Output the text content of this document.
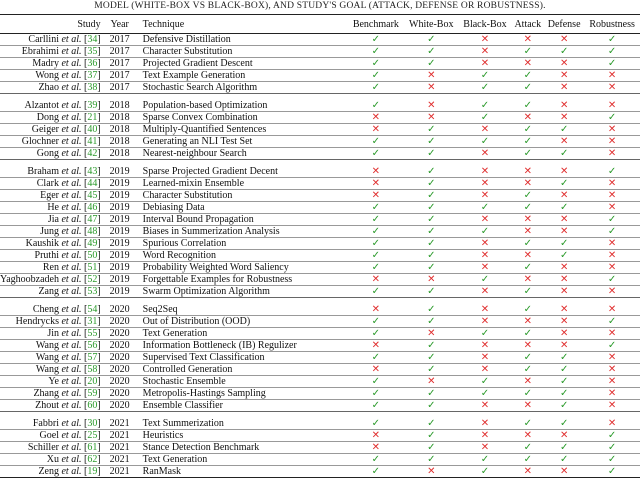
MODEL (WHITE-BOX VS BLACK-BOX), AND STUDY'S GOAL (ATTACK, DEFENSE OR ROBUSTNESS).
Study	Year	Technique	Benchmark	White-Box	Black-Box	Attack	Defense	Robustness
Carllini et al. [34]	2017	Defensive Distillation	✓	✓	✕	✕	✕	✓
Ebrahimi et al. [35]	2017	Character Substitution	✓	✓	✕	✓	✓	✓
Madry et al. [36]	2017	Projected Gradient Descent	✓	✓	✕	✕	✕	✓
Wong et al. [37]	2017	Text Example Generation	✓	✕	✓	✓	✕	✕
Zhao et al. [38]	2017	Stochastic Search Algorithm	✓	✕	✓	✓	✕	✕

Alzantot et al. [39]	2018	Population-based Optimization	✓	✕	✓	✓	✕	✕
Dong et al. [21]	2018	Sparse Convex Combination	✕	✕	✓	✕	✕	✓
Geiger et al. [40]	2018	Multiply-Quantified Sentences	✕	✓	✕	✓	✓	✕
Glochner et al. [41]	2018	Generating an NLI Test Set	✓	✓	✓	✓	✕	✕
Gong et al. [42]	2018	Nearest-neighbour Search	✓	✓	✕	✓	✓	✕

Braham et al. [43]	2019	Sparse Projected Gradient Decent	✕	✓	✕	✕	✕	✓
Clark et al. [44]	2019	Learned-mixin Ensemble	✕	✓	✕	✕	✓	✕
Eger et al. [45]	2019	Character Substitution	✕	✓	✕	✓	✕	✕
He et al. [46]	2019	Debiasing Data	✓	✓	✓	✓	✓	✕
Jia et al. [47]	2019	Interval Bound Propagation	✓	✓	✕	✕	✕	✓
Jung et al. [48]	2019	Biases in Summerization Analysis	✓	✓	✓	✕	✕	✓
Kaushik et al. [49]	2019	Spurious Correlation	✓	✓	✕	✓	✓	✕
Pruthi et al. [50]	2019	Word Recognition	✓	✓	✕	✕	✓	✕
Ren et al. [51]	2019	Probability Weighted Word Saliency	✓	✓	✕	✓	✕	✕
Yaghoobzadeh et al. [52]	2019	Forgettable Examples for Robustness	✕	✕	✓	✕	✕	✓
Zang et al. [53]	2019	Swarm Optimization Algorithm	✓	✓	✕	✓	✕	✕

Cheng et al. [54]	2020	Seq2Seq	✕	✓	✕	✓	✕	✕
Hendrycks et al. [31]	2020	Out of Distribution (OOD)	✓	✓	✕	✕	✕	✓
Jin et al. [55]	2020	Text Generation	✓	✕	✓	✓	✕	✕
Wang et al. [56]	2020	Information Bottleneck (IB) Regulizer	✕	✓	✕	✕	✕	✓
Wang et al. [57]	2020	Supervised Text Classification	✓	✓	✕	✓	✓	✕
Wang et al. [58]	2020	Controlled Generation	✕	✓	✕	✓	✓	✕
Ye et al. [20]	2020	Stochastic Ensemble	✓	✕	✓	✕	✓	✕
Zhang et al. [59]	2020	Metropolis-Hastings Sampling	✓	✓	✓	✓	✓	✕
Zhout et al. [60]	2020	Ensemble Classifier	✓	✓	✕	✕	✓	✕

Fabbri et al. [30]	2021	Text Summerization	✓	✓	✕	✓	✓	✕
Goel et al. [25]	2021	Heuristics	✕	✓	✕	✕	✕	✓
Schiller et al. [61]	2021	Stance Detection Benchmark	✕	✓	✕	✓	✓	✓
Xu et al. [62]	2021	Text Generation	✓	✓	✓	✓	✓	✓
Zeng et al. [19]	2021	RanMask	✓	✕	✓	✕	✕	✓
